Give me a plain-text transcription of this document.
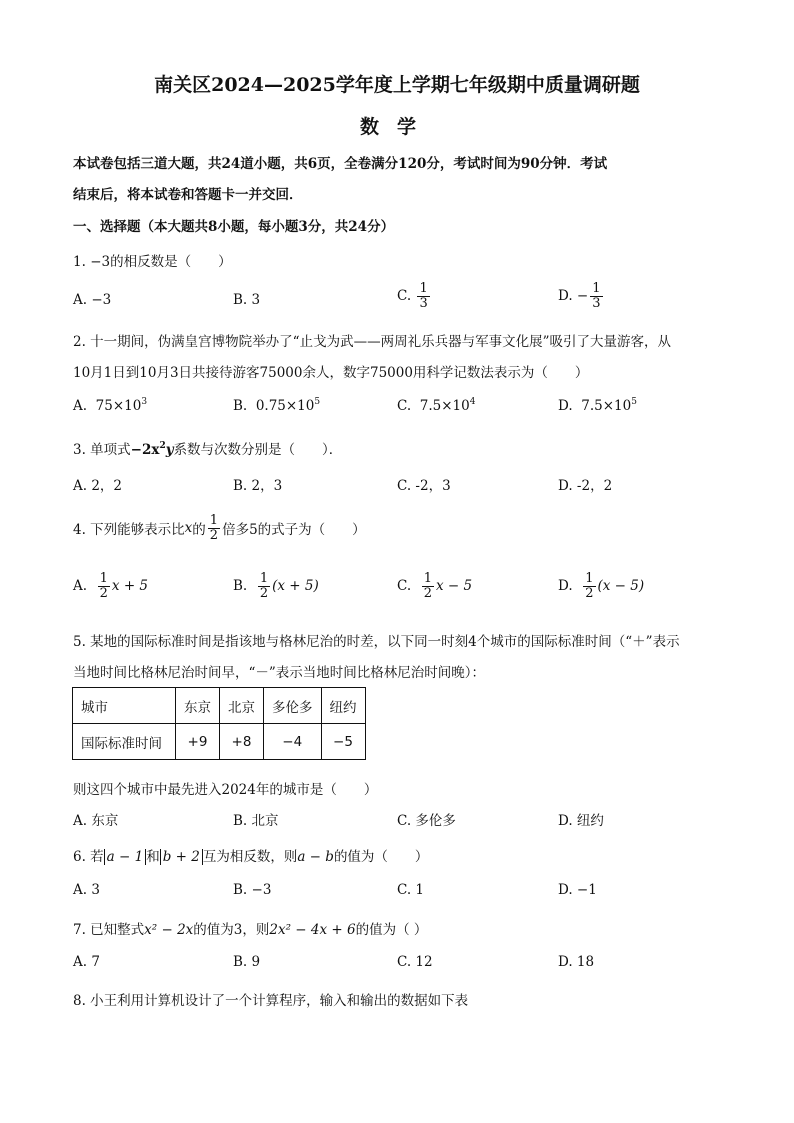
南关区2024—2025学年度上学期七年级期中质量调研题
数学
本试卷包括三道大题，共24道小题，共6页，全卷满分120分，考试时间为90分钟．考试
结束后，将本试卷和答题卡一并交回．
一、选择题（本大题共8小题，每小题3分，共24分）
1. −3的相反数是（　　）
A. −3	B. 3	C. $\frac{1}{3}$	D. − $\frac{1}{3}$
2. 十一期间，伪满皇宫博物院举办了“止戈为武——两周礼乐兵器与军事文化展”吸引了大量游客，从
10月1日到10月3日共接待游客75000余人，数字75000用科学记数法表示为（　　）
A. $75\times 10^3$	B. $0.75\times 10^5$	C. $7.5\times 10^4$	D. $7.5\times 10^5$
3. 单项式$-2x^2y$系数与次数分别是（　　）．
A. 2，2	B. 2，3	C. -2，3	D. -2，2
4. 下列能够表示比x的 $\frac{1}{2}$ 倍多5的式子为（　　）
A. $\frac{1}{2}$ x + 5	B. $\frac{1}{2} (x + 5)$	C. $\frac{1}{2}$ x − 5	D. $\frac{1}{2} (x - 5)$
5. 某地的国际标准时间是指该地与格林尼治的时差，以下同一时刻4个城市的国际标准时间（“＋”表示
当地时间比格林尼治时间早，“－”表示当地时间比格林尼治时间晚）：
城市	东京	北京	多伦多	纽约
国际标准时间	+9	+8	−4	−5
则这四个城市中最先进入2024年的城市是（　　）
A. 东京	B. 北京	C. 多伦多	D. 纽约
6. 若 a − 1 和 b + 2 互为相反数，则a − b的值为（　　）
A. 3	B. −3	C. 1	D. −1
7. 已知整式x² − 2x的值为3，则2x² − 4x + 6的值为（ ）
A. 7	B. 9	C. 12	D. 18
8. 小王利用计算机设计了一个计算程序，输入和输出的数据如下表
